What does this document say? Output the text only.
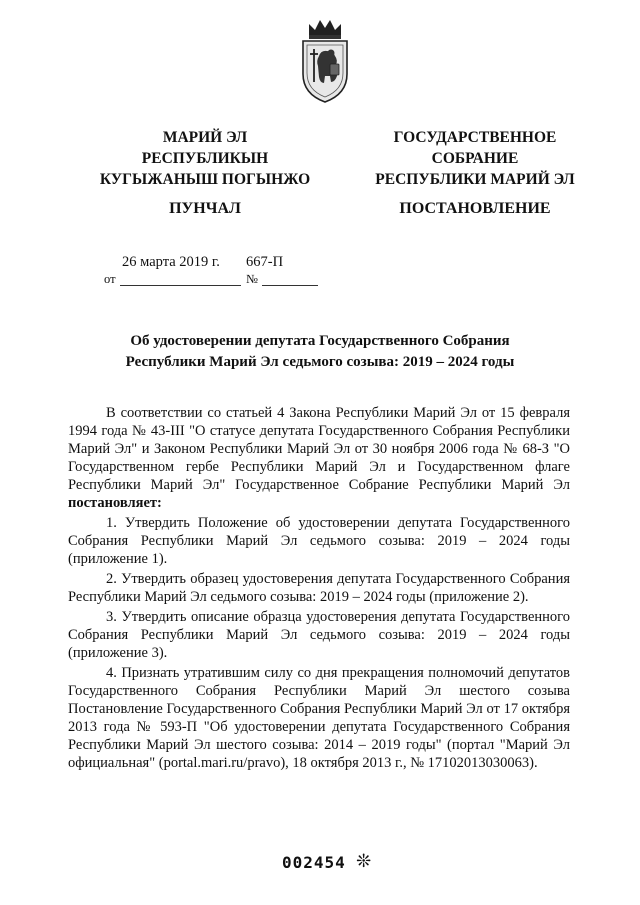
МАРИЙ ЭЛ
РЕСПУБЛИКЫН
КУГЫЖАНЫШ ПОГЫНЖО
ГОСУДАРСТВЕННОЕ
СОБРАНИЕ
РЕСПУБЛИКИ МАРИЙ ЭЛ
ПУНЧАЛ	ПОСТАНОВЛЕНИЕ
26 марта 2019 г. 667-П
от	№
Об удостоверении депутата Государственного Собрания
Республики Марий Эл седьмого созыва: 2019 – 2024 годы

В соответствии со статьей 4 Закона Республики Марий Эл от 15 февраля 1994 года № 43-III "О статусе депутата Государственного Собрания Республики Марий Эл" и Законом Республики Марий Эл от 30 ноября 2006 года № 68-З "О Государственном гербе Республики Марий Эл и Государственном флаге Республики Марий Эл" Государственное Собрание Республики Марий Эл постановляет:

1. Утвердить Положение об удостоверении депутата Государственного Собрания Республики Марий Эл седьмого созыва: 2019 – 2024 годы (приложение 1).

2. Утвердить образец удостоверения депутата Государственного Собрания Республики Марий Эл седьмого созыва: 2019 – 2024 годы (приложение 2).

3. Утвердить описание образца удостоверения депутата Государственного Собрания Республики Марий Эл седьмого созыва: 2019 – 2024 годы (приложение 3).

4. Признать утратившим силу со дня прекращения полномочий депутатов Государственного Собрания Республики Марий Эл шестого созыва Постановление Государственного Собрания Республики Марий Эл от 17 октября 2013 года № 593-П "Об удостоверении депутата Государственного Собрания Республики Марий Эл шестого созыва: 2014 – 2019 годы" (портал "Марий Эл официальная" (portal.mari.ru/pravo), 18 октября 2013 г., № 17102013030063).

002454 ❊
